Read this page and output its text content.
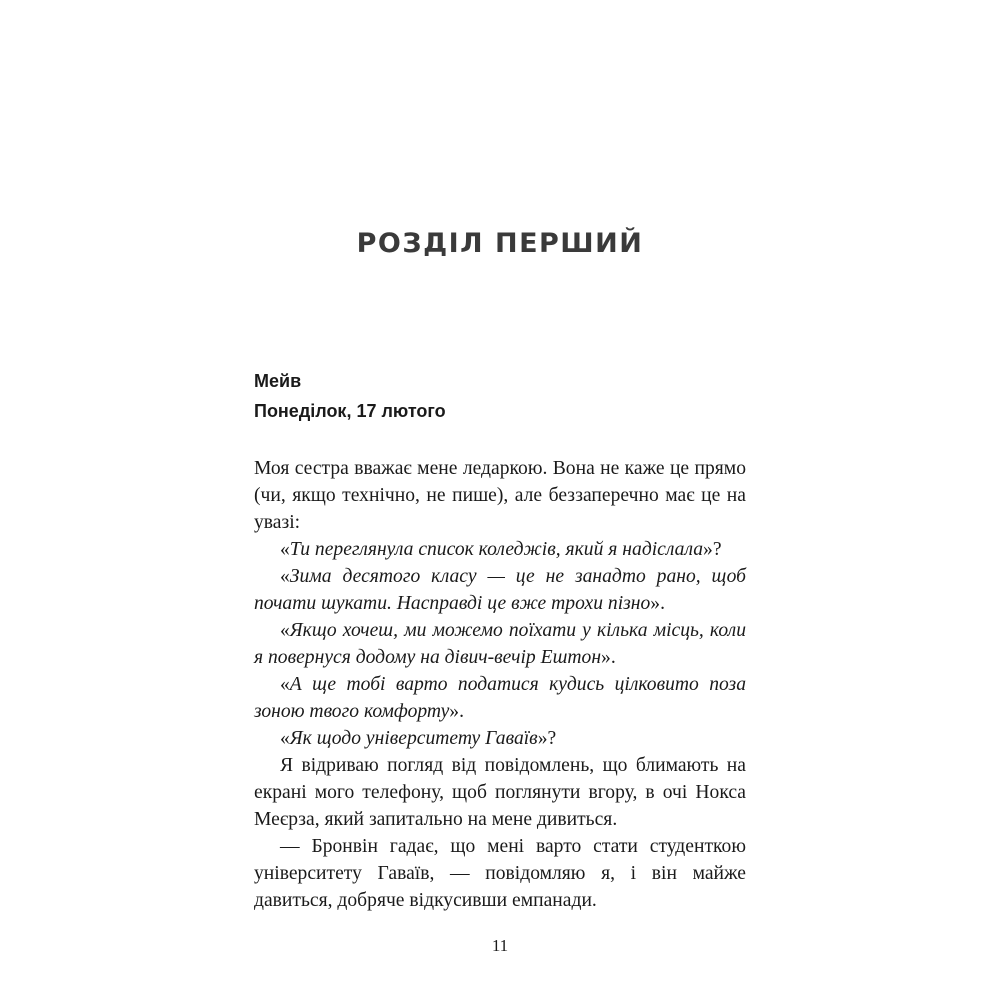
РОЗДІЛ ПЕРШИЙ
Мейв
Понеділок, 17 лютого

Моя сестра вважає мене ледаркою. Вона не каже це прямо (чи, якщо технічно, не пише), але беззаперечно має це на увазі:

«Ти переглянула список коледжів, який я надіслала»?

«Зима десятого класу — це не занадто рано, щоб почати шукати. Насправді це вже трохи пізно».

«Якщо хочеш, ми можемо поїхати у кілька місць, коли я повернуся додому на дівич-вечір Ештон».

«А ще тобі варто податися кудись цілковито поза зоною твого комфорту».

«Як щодо університету Гаваїв»?

Я відриваю погляд від повідомлень, що блимають на екрані мого телефону, щоб поглянути вгору, в очі Нокса Меєрза, який запитально на мене дивиться.

— Бронвін гадає, що мені варто стати студенткою університету Гаваїв, — повідомляю я, і він майже давиться, добряче відкусивши емпанади.

11
